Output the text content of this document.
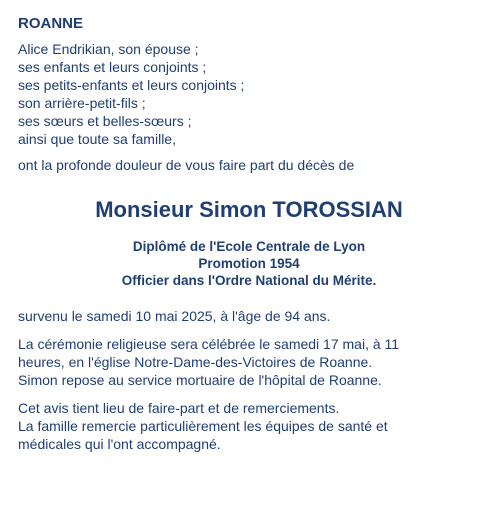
ROANNE
Alice Endrikian, son épouse ;
ses enfants et leurs conjoints ;
ses petits-enfants et leurs conjoints ;
son arrière-petit-fils ;
ses sœurs et belles-sœurs ;
ainsi que toute sa famille,

ont la profonde douleur de vous faire part du décès de

Monsieur Simon TOROSSIAN
Diplômé de l'Ecole Centrale de Lyon
Promotion 1954
Officier dans l'Ordre National du Mérite.

survenu le samedi 10 mai 2025, à l'âge de 94 ans.

La cérémonie religieuse sera célébrée le samedi 17 mai, à 11
heures, en l'église Notre-Dame-des-Victoires de Roanne.
Simon repose au service mortuaire de l'hôpital de Roanne.

Cet avis tient lieu de faire-part et de remerciements.
La famille remercie particulièrement les équipes de santé et
médicales qui l'ont accompagné.
